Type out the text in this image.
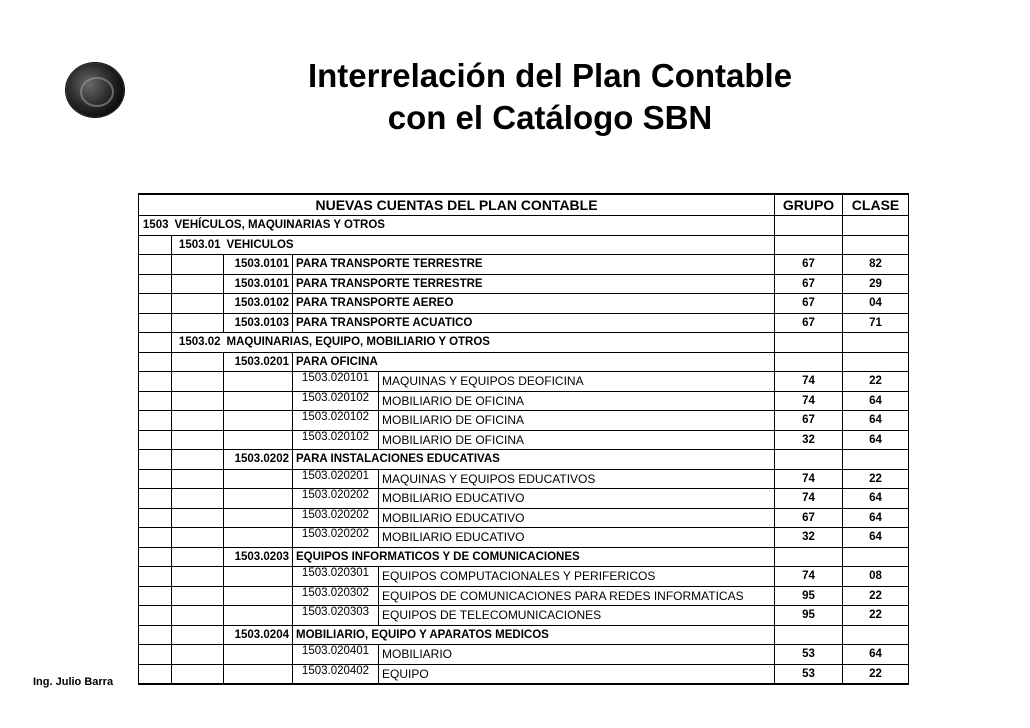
Interrelación del Plan Contable
con el Catálogo SBN
NUEVAS CUENTAS DEL PLAN CONTABLE					GRUPO	CLASE
1503	VEHÍCULOS, MAQUINARIAS Y OTROS					
	1503.01	VEHICULOS				
		1503.0101	PARA TRANSPORTE TERRESTRE		67	82
		1503.0101	PARA TRANSPORTE TERRESTRE		67	29
		1503.0102	PARA TRANSPORTE AEREO		67	04
		1503.0103	PARA TRANSPORTE ACUATICO		67	71
	1503.02	MAQUINARIAS, EQUIPO, MOBILIARIO Y OTROS				
		1503.0201	PARA OFICINA			
			1503.020101	MAQUINAS Y EQUIPOS DEOFICINA	74	22
			1503.020102	MOBILIARIO DE OFICINA	74	64
			1503.020102	MOBILIARIO DE OFICINA	67	64
			1503.020102	MOBILIARIO DE OFICINA	32	64
		1503.0202	PARA INSTALACIONES EDUCATIVAS			
			1503.020201	MAQUINAS Y EQUIPOS EDUCATIVOS	74	22
			1503.020202	MOBILIARIO EDUCATIVO	74	64
			1503.020202	MOBILIARIO EDUCATIVO	67	64
			1503.020202	MOBILIARIO EDUCATIVO	32	64
		1503.0203	EQUIPOS INFORMATICOS Y DE COMUNICACIONES			
			1503.020301	EQUIPOS COMPUTACIONALES Y PERIFERICOS	74	08
			1503.020302	EQUIPOS DE COMUNICACIONES PARA REDES INFORMATICAS	95	22
			1503.020303	EQUIPOS DE TELECOMUNICACIONES	95	22
		1503.0204	MOBILIARIO, EQUIPO Y APARATOS MEDICOS			
			1503.020401	MOBILIARIO	53	64
			1503.020402	EQUIPO	53	22
Ing. Julio Barra
